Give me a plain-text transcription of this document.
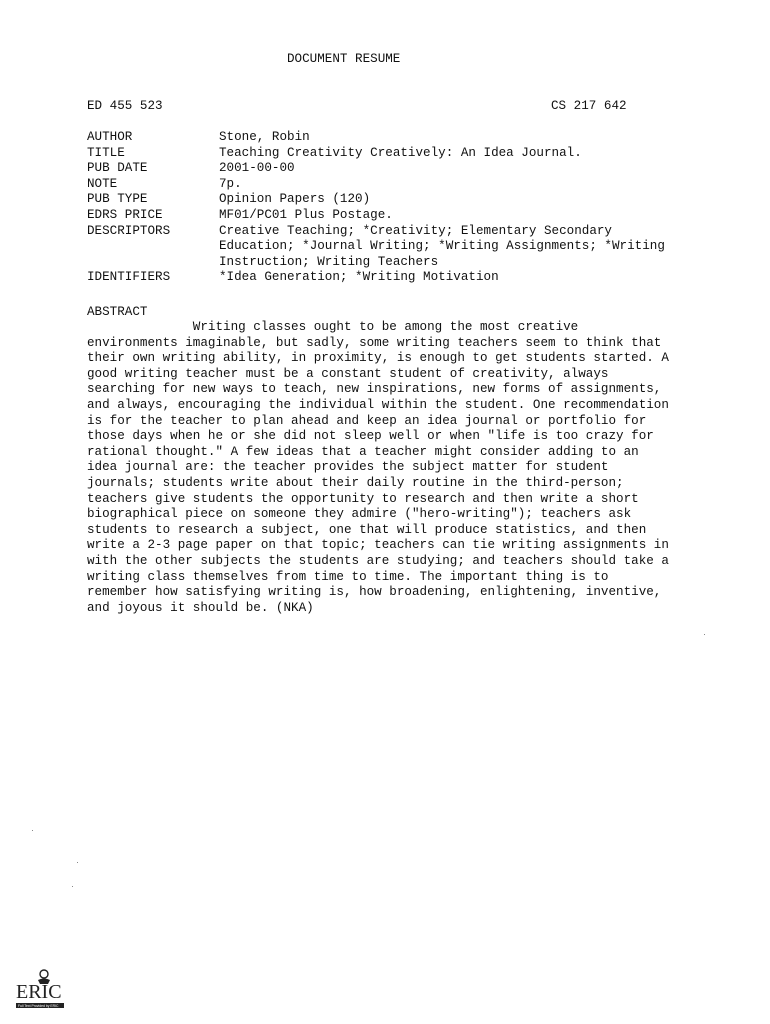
DOCUMENT RESUME
ED 455 523	CS 217 642
AUTHOR	Stone, Robin
TITLE	Teaching Creativity Creatively: An Idea Journal.
PUB DATE	2001-00-00
NOTE	7p.
PUB TYPE	Opinion Papers (120)
EDRS PRICE	MF01/PC01 Plus Postage.
DESCRIPTORS	Creative Teaching; *Creativity; Elementary Secondary
Education; *Journal Writing; *Writing Assignments; *Writing
Instruction; Writing Teachers
IDENTIFIERS	*Idea Generation; *Writing Motivation
ABSTRACT
Writing classes ought to be among the most creative
environments imaginable, but sadly, some writing teachers seem to think that
their own writing ability, in proximity, is enough to get students started. A
good writing teacher must be a constant student of creativity, always
searching for new ways to teach, new inspirations, new forms of assignments,
and always, encouraging the individual within the student. One recommendation
is for the teacher to plan ahead and keep an idea journal or portfolio for
those days when he or she did not sleep well or when "life is too crazy for
rational thought." A few ideas that a teacher might consider adding to an
idea journal are: the teacher provides the subject matter for student
journals; students write about their daily routine in the third-person;
teachers give students the opportunity to research and then write a short
biographical piece on someone they admire ("hero-writing"); teachers ask
students to research a subject, one that will produce statistics, and then
write a 2-3 page paper on that topic; teachers can tie writing assignments in
with the other subjects the students are studying; and teachers should take a
writing class themselves from time to time. The important thing is to
remember how satisfying writing is, how broadening, enlightening, inventive,
and joyous it should be. (NKA)
ERIC
Full Text Provided by ERIC
